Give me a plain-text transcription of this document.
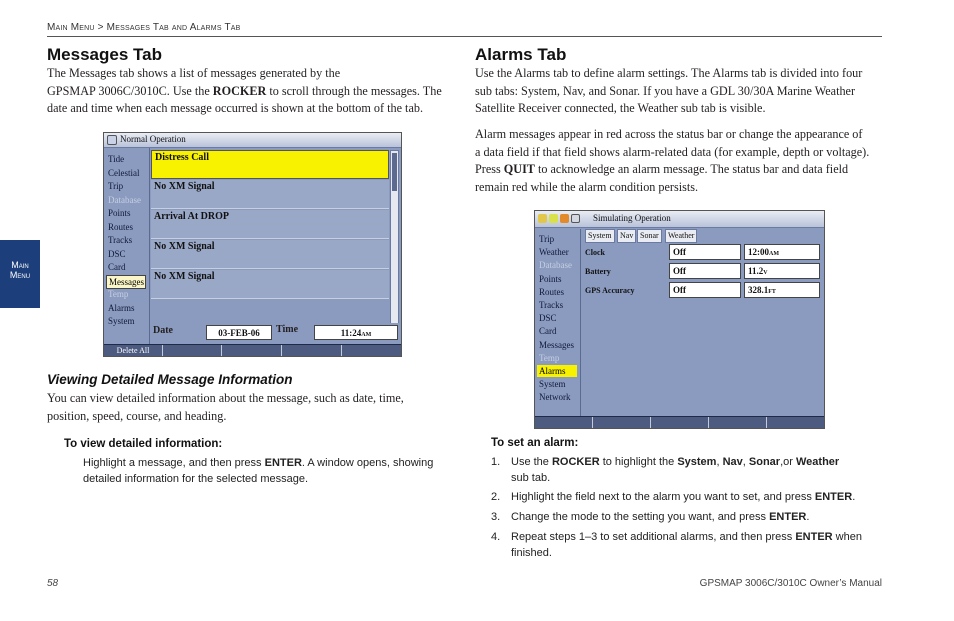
Main Menu > Messages Tab and Alarms Tab
Main
Menu
Messages Tab
The Messages tab shows a list of messages generated by the
GPSMAP 3006C/3010C. Use the ROCKER to scroll through the messages. The
date and time when each message occurred is shown at the bottom of the tab.
Normal Operation
Tide
Celestial
Trip
Database
Points
Routes
Tracks
DSC
Card
Messages
Temp
Alarms
System
Distress Call
No XM Signal
Arrival At DROP
No XM Signal
No XM Signal
Date	03-FEB-06	Time	11:24AM
Delete All
Viewing Detailed Message Information
You can view detailed information about the message, such as date, time,
position, speed, course, and heading.
To view detailed information:
Highlight a message, and then press ENTER. A window opens, showing
detailed information for the selected message.
Alarms Tab
Use the Alarms tab to define alarm settings. The Alarms tab is divided into four
sub tabs: System, Nav, and Sonar. If you have a GDL 30/30A Marine Weather
Satellite Receiver connected, the Weather sub tab is visible.
Alarm messages appear in red across the status bar or change the appearance of
a data field if that field shows alarm-related data (for example, depth or voltage).
Press QUIT to acknowledge an alarm message. The status bar and data field
remain red while the alarm condition persists.
Simulating Operation
System	Nav Sonar	Weather
Trip
Weather
Database
Points
Routes
Tracks
DSC
Card
Messages
Temp
Alarms
System
Network
Clock	Off	12:00AM
Battery	Off	11.2V
GPS Accuracy	Off	328.1FT
To set an alarm:
1. Use the ROCKER to highlight the System, Nav, Sonar,or Weather
sub tab.
2. Highlight the field next to the alarm you want to set, and press ENTER.
3. Change the mode to the setting you want, and press ENTER.
4. Repeat steps 1–3 to set additional alarms, and then press ENTER when
finished.
58	GPSMAP 3006C/3010C Owner’s Manual
